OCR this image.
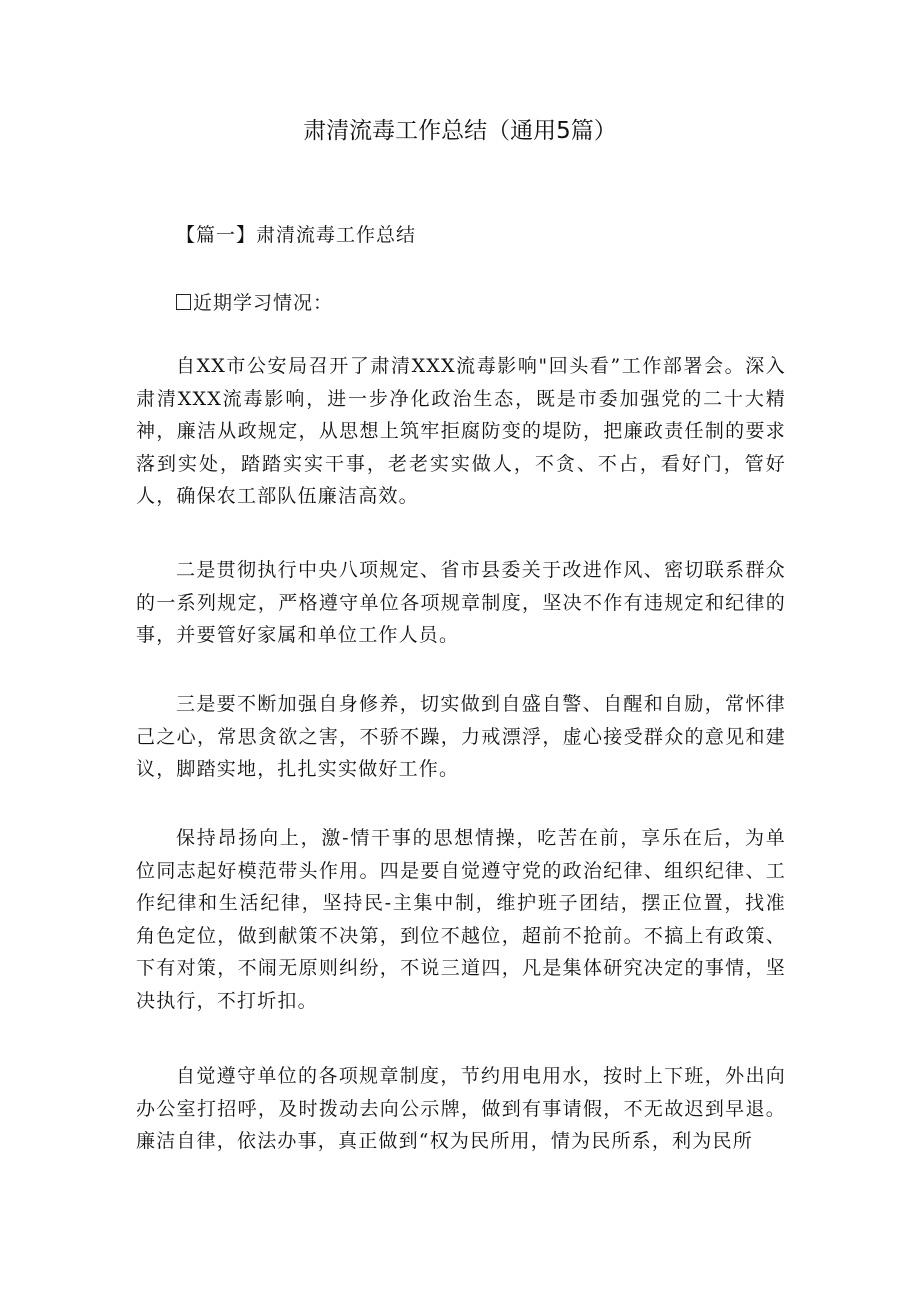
肃清流毒工作总结（通用5篇）
【篇一】肃清流毒工作总结
近期学习情况：

自XX市公安局召开了肃清XXX流毒影响"回头看”工作部署会。深入肃清XXX流毒影响，进一步净化政治生态，既是市委加强党的二十大精神，廉洁从政规定，从思想上筑牢拒腐防变的堤防，把廉政责任制的要求落到实处，踏踏实实干事，老老实实做人，不贪、不占，看好门，管好人，确保农工部队伍廉洁高效。

二是贯彻执行中央八项规定、省市县委关于改进作风、密切联系群众的一系列规定，严格遵守单位各项规章制度，坚决不作有违规定和纪律的事，并要管好家属和单位工作人员。

三是要不断加强自身修养，切实做到自盛自警、自醒和自励，常怀律己之心，常思贪欲之害，不骄不躁，力戒漂浮，虚心接受群众的意见和建议，脚踏实地，扎扎实实做好工作。

保持昂扬向上，激-情干事的思想情操，吃苦在前，享乐在后，为单位同志起好模范带头作用。四是要自觉遵守党的政治纪律、组织纪律、工作纪律和生活纪律，坚持民-主集中制，维护班子团结，摆正位置，找准角色定位，做到献策不决第，到位不越位，超前不抢前。不搞上有政策、下有对策，不闹无原则纠纷，不说三道四，凡是集体研究决定的事情，坚决执行，不打圻扣。

自觉遵守单位的各项规章制度，节约用电用水，按时上下班，外出向办公室打招呼，及时拨动去向公示牌，做到有事请假，不无故迟到早退。廉洁自律，依法办事，真正做到“权为民所用，情为民所系，利为民所
